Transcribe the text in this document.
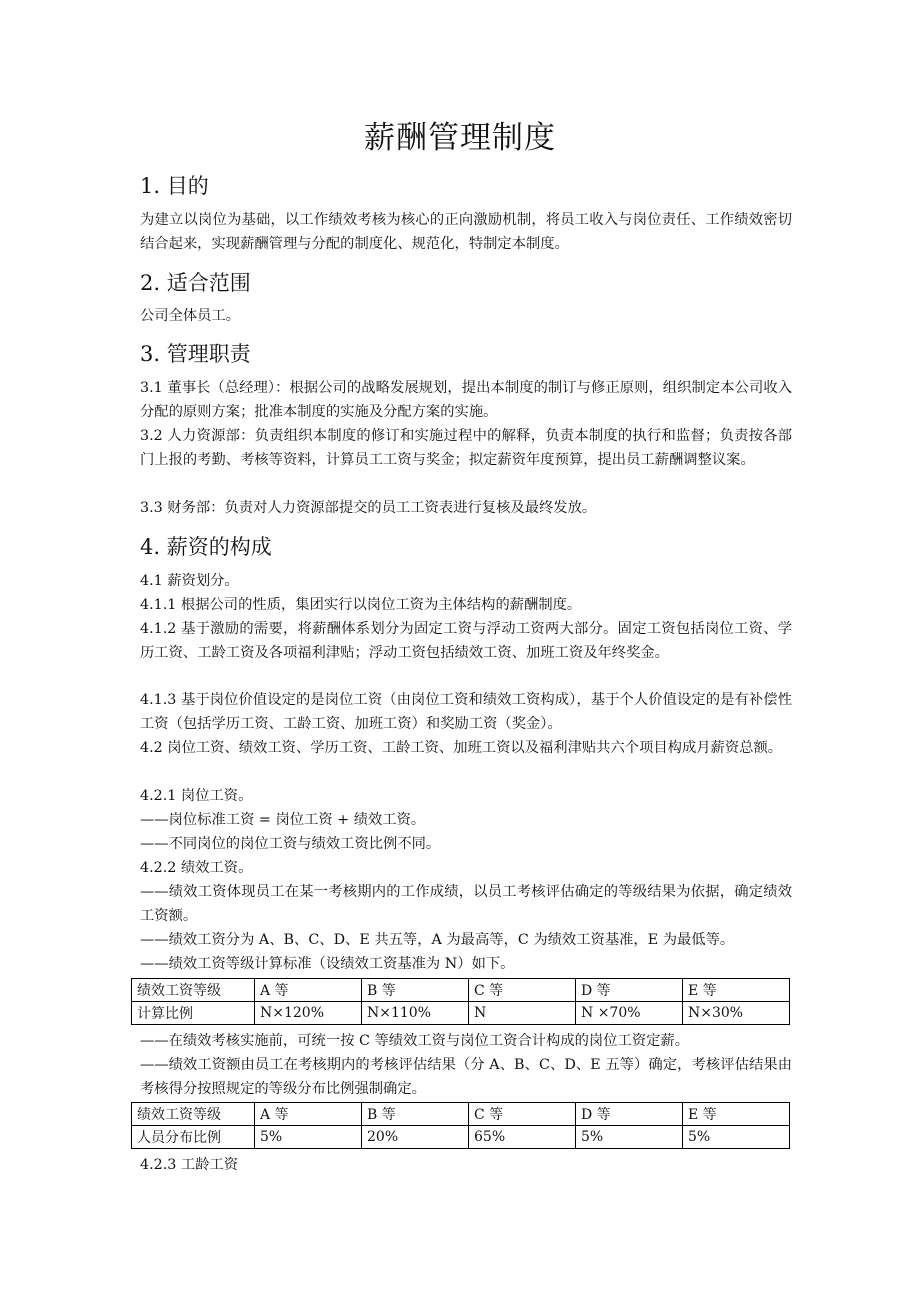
薪酬管理制度
1. 目的
为建立以岗位为基础，以工作绩效考核为核心的正向激励机制，将员工收入与岗位责任、工作绩效密切结合起来，实现薪酬管理与分配的制度化、规范化，特制定本制度。
2. 适合范围
公司全体员工。
3. 管理职责
3.1 董事长（总经理）：根据公司的战略发展规划，提出本制度的制订与修正原则，组织制定本公司收入分配的原则方案；批准本制度的实施及分配方案的实施。
3.2 人力资源部：负责组织本制度的修订和实施过程中的解释，负责本制度的执行和监督；负责按各部门上报的考勤、考核等资料，计算员工工资与奖金；拟定薪资年度预算，提出员工薪酬调整议案。
3.3 财务部：负责对人力资源部提交的员工工资表进行复核及最终发放。
4. 薪资的构成
4.1 薪资划分。
4.1.1 根据公司的性质，集团实行以岗位工资为主体结构的薪酬制度。
4.1.2 基于激励的需要，将薪酬体系划分为固定工资与浮动工资两大部分。固定工资包括岗位工资、学历工资、工龄工资及各项福利津贴；浮动工资包括绩效工资、加班工资及年终奖金。
4.1.3 基于岗位价值设定的是岗位工资（由岗位工资和绩效工资构成），基于个人价值设定的是有补偿性工资（包括学历工资、工龄工资、加班工资）和奖励工资（奖金）。
4.2 岗位工资、绩效工资、学历工资、工龄工资、加班工资以及福利津贴共六个项目构成月薪资总额。
4.2.1 岗位工资。
——岗位标准工资 = 岗位工资 + 绩效工资。
——不同岗位的岗位工资与绩效工资比例不同。
4.2.2 绩效工资。
——绩效工资体现员工在某一考核期内的工作成绩，以员工考核评估确定的等级结果为依据，确定绩效工资额。
——绩效工资分为 A、B、C、D、E 共五等，A 为最高等，C 为绩效工资基准，E 为最低等。
——绩效工资等级计算标准（设绩效工资基准为 N）如下。
绩效工资等级	A 等	B 等	C 等	D 等	E 等
计算比例	N×120%	N×110%	N	N ×70%	N×30%
——在绩效考核实施前，可统一按 C 等绩效工资与岗位工资合计构成的岗位工资定薪。
——绩效工资额由员工在考核期内的考核评估结果（分 A、B、C、D、E 五等）确定，考核评估结果由考核得分按照规定的等级分布比例强制确定。
绩效工资等级	A 等	B 等	C 等	D 等	E 等
人员分布比例	5%	20%	65%	5%	5%
4.2.3 工龄工资
